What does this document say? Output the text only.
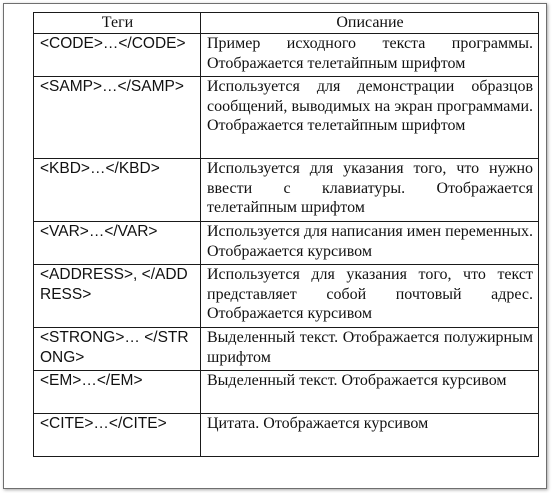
Теги	Описание
<CODE>…</CODE>	Пример исходного текста программы. Отображается телетайпным шрифтом
<SAMP>…</SAMP>	Используется для демонстрации образцов сообщений, выводимых на экран программами. Отображается телетайпным шрифтом
<KBD>…</KBD>	Используется для указания того, что нужно ввести с клавиатуры. Отображается телетайпным шрифтом
<VAR>…</VAR>	Используется для написания имен переменных. Отображается курсивом
<ADDRESS>, </ADDRESS>	Используется для указания того, что текст представляет собой почтовый адрес. Отображается курсивом
<STRONG>… </STRONG>	Выделенный текст. Отображается полужирным шрифтом
<EM>…</EM>	Выделенный текст. Отображается курсивом
<CITE>…</CITE>	Цитата. Отображается курсивом
